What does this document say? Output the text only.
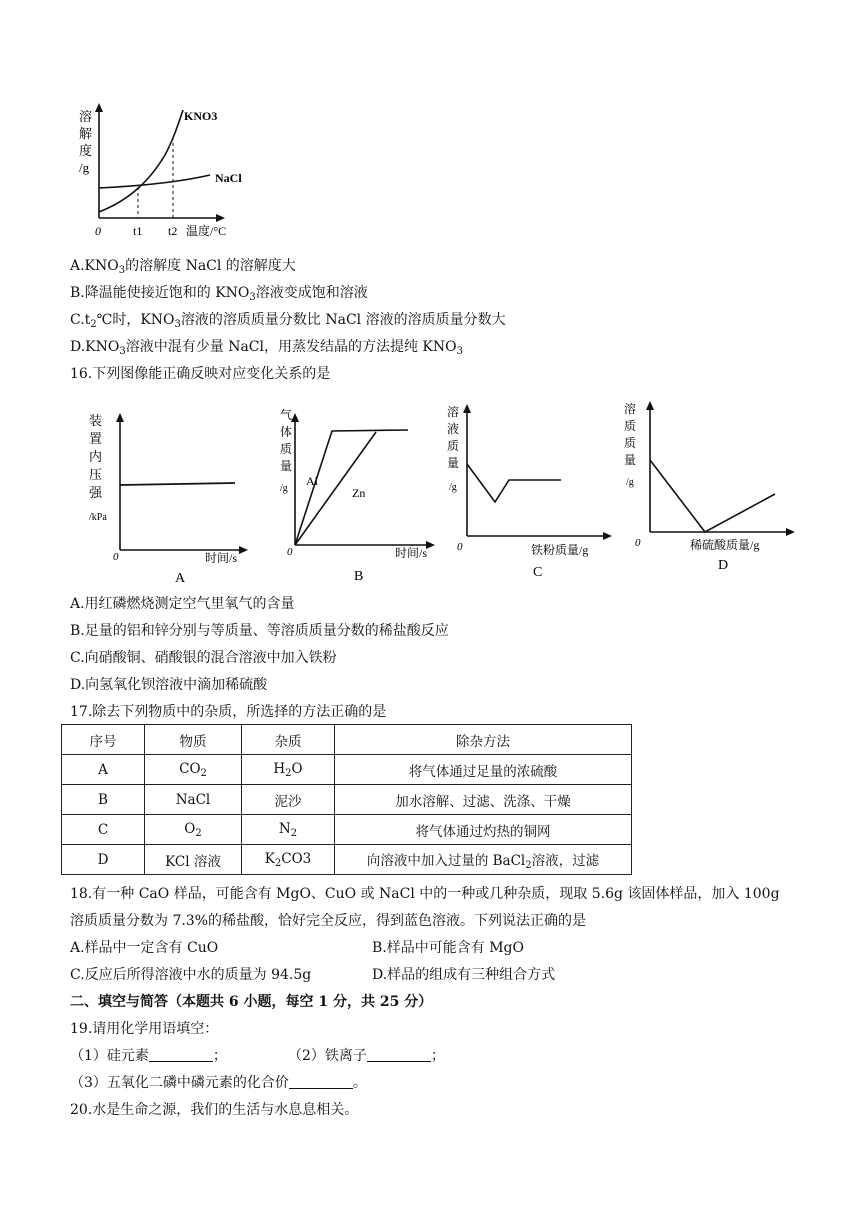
溶
解
度
/g
KNO3
NaCl
0	t1 t2 温度/°C
$A.KNO_3$的溶解度 NaCl 的溶解度大
B.降温能使接近饱和的 $KNO_3$溶液变成饱和溶液
$C.t_2℃$时，$KNO_3$溶液的溶质质量分数比 NaCl 溶液的溶质质量分数大
$D.KNO_3$溶液中混有少量 NaCl，用蒸发结晶的方法提纯 $KNO_3$
16.下列图像能正确反映对应变化关系的是
装
置
内
压
强
/kPa
0	时间/s
A
气
体
质
量
/g
Al
Zn
0	时间/s
B
溶
液
质
量
/g
0	铁粉质量/g
C
溶
质
质
量
/g
0	稀硫酸质量/g
D
A.用红磷燃烧测定空气里氧气的含量
B.足量的铝和锌分别与等质量、等溶质质量分数的稀盐酸反应
C.向硝酸铜、硝酸银的混合溶液中加入铁粉
D.向氢氧化钡溶液中滴加稀硫酸
17.除去下列物质中的杂质，所选择的方法正确的是
序号	物质	杂质	除杂方法
A	$CO_2$	$H_2O$	将气体通过足量的浓硫酸
B	NaCl	泥沙	加水溶解、过滤、洗涤、干燥
C	$O_2$	$N_2$	将气体通过灼热的铜网
D	KCl 溶液	$K_2CO3$	向溶液中加入过量的 BaCl$_2$溶液，过滤
18.有一种 CaO 样品，可能含有 MgO、CuO 或 NaCl 中的一种或几种杂质，现取 5.6g 该固体样品，加入 100g
溶质质量分数为 7.3%的稀盐酸，恰好完全反应，得到蓝色溶液。下列说法正确的是
A.样品中一定含有 CuO	B.样品中可能含有 MgO
C.反应后所得溶液中水的质量为 94.5g	D.样品的组成有三种组合方式
二、填空与简答（本题共 6 小题，每空 1 分，共 25 分）
19.请用化学用语填空：
（1）硅元素	；	（2）铁离子	；
（3）五氧化二磷中磷元素的化合价	。
20.水是生命之源，我们的生活与水息息相关。
